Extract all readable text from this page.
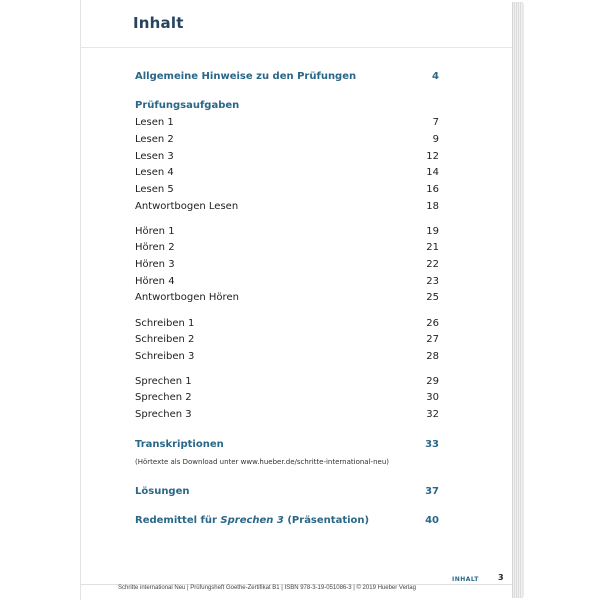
Inhalt
Allgemeine Hinweise zu den Prüfungen	4
Prüfungsaufgaben
Lesen 1	7
Lesen 2	9
Lesen 3	12
Lesen 4	14
Lesen 5	16
Antwortbogen Lesen	18
Hören 1	19
Hören 2	21
Hören 3	22
Hören 4	23
Antwortbogen Hören	25
Schreiben 1	26
Schreiben 2	27
Schreiben 3	28
Sprechen 1	29
Sprechen 2	30
Sprechen 3	32
Transkriptionen	33
(Hörtexte als Download unter www.hueber.de/schritte-international-neu)
Lösungen	37
Redemittel für Sprechen 3 (Präsentation)	40
INHALT 3
Schritte international Neu | Prüfungsheft Goethe-Zertifikat B1 | ISBN 978-3-19-051086-3 | © 2019 Hueber Verlag
